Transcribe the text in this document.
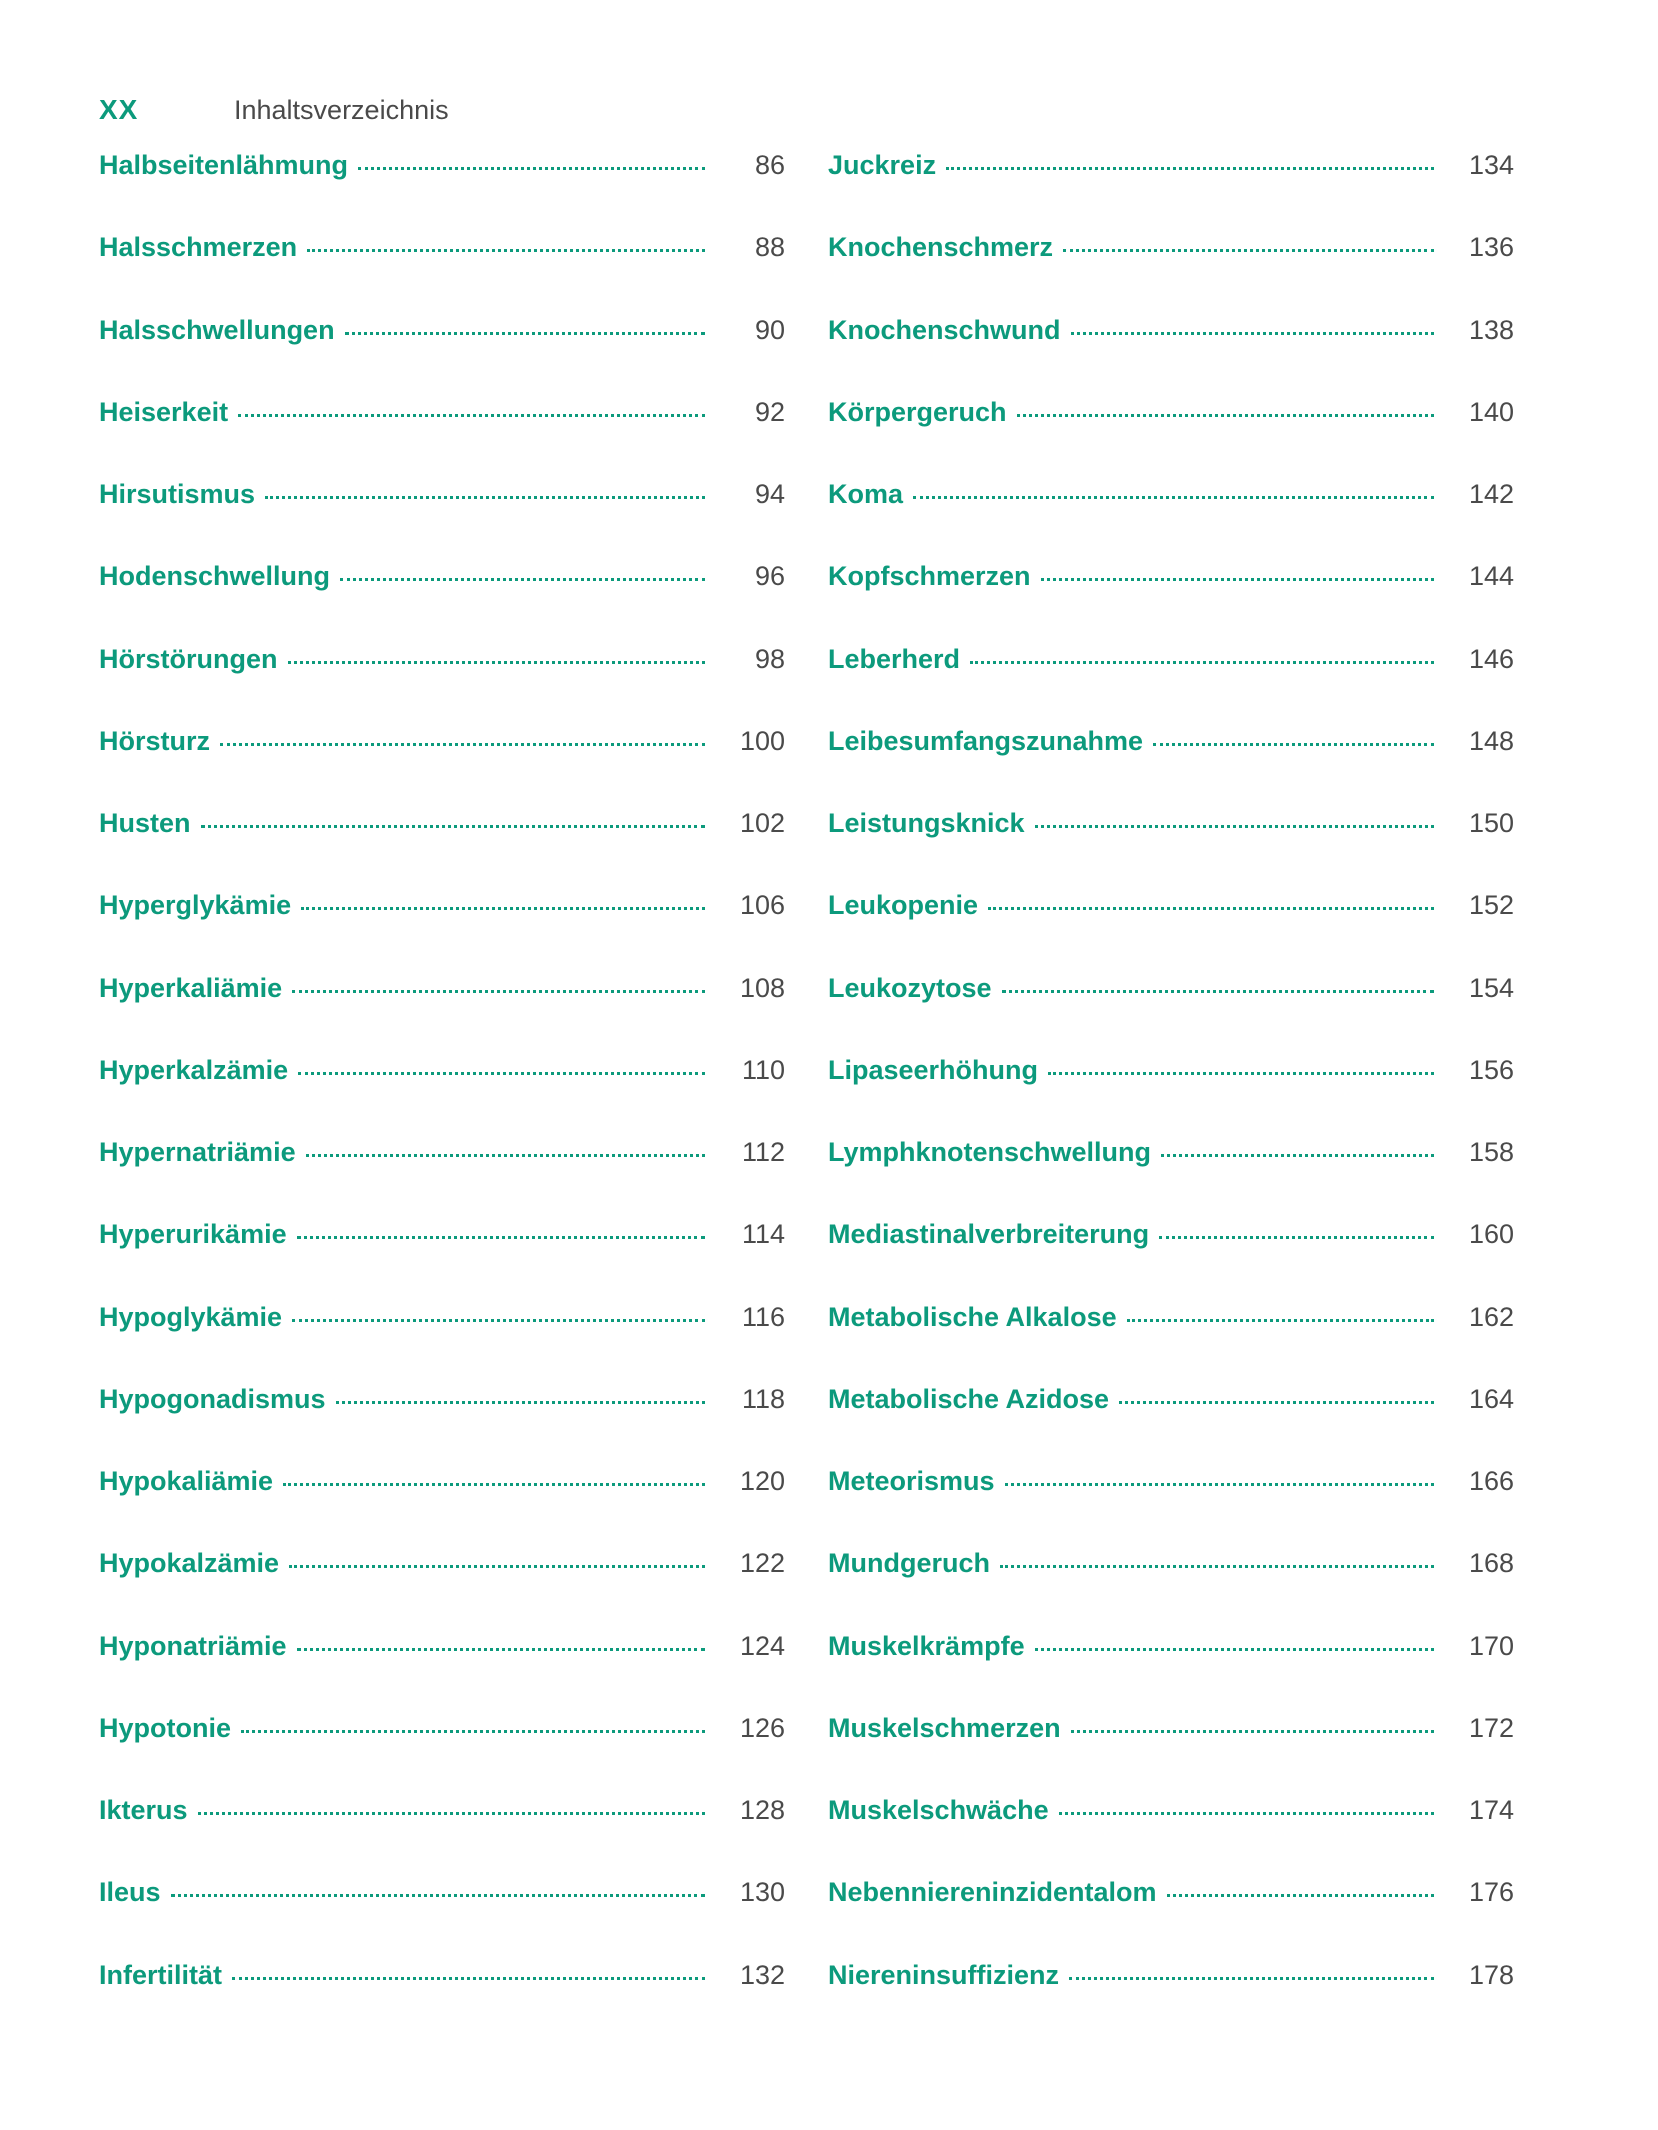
XX	Inhaltsverzeichnis
Halbseitenlähmung	86
Halsschmerzen	88
Halsschwellungen	90
Heiserkeit	92
Hirsutismus	94
Hodenschwellung	96
Hörstörungen	98
Hörsturz	100
Husten	102
Hyperglykämie	106
Hyperkaliämie	108
Hyperkalzämie	110
Hypernatriämie	112
Hyperurikämie	114
Hypoglykämie	116
Hypogonadismus	118
Hypokaliämie	120
Hypokalzämie	122
Hyponatriämie	124
Hypotonie	126
Ikterus	128
Ileus	130
Infertilität	132
Juckreiz	134
Knochenschmerz	136
Knochenschwund	138
Körpergeruch	140
Koma	142
Kopfschmerzen	144
Leberherd	146
Leibesumfangszunahme	148
Leistungsknick	150
Leukopenie	152
Leukozytose	154
Lipaseerhöhung	156
Lymphknotenschwellung	158
Mediastinalverbreiterung	160
Metabolische Alkalose	162
Metabolische Azidose	164
Meteorismus	166
Mundgeruch	168
Muskelkrämpfe	170
Muskelschmerzen	172
Muskelschwäche	174
Nebenniereninzidentalom	176
Niereninsuffizienz	178
